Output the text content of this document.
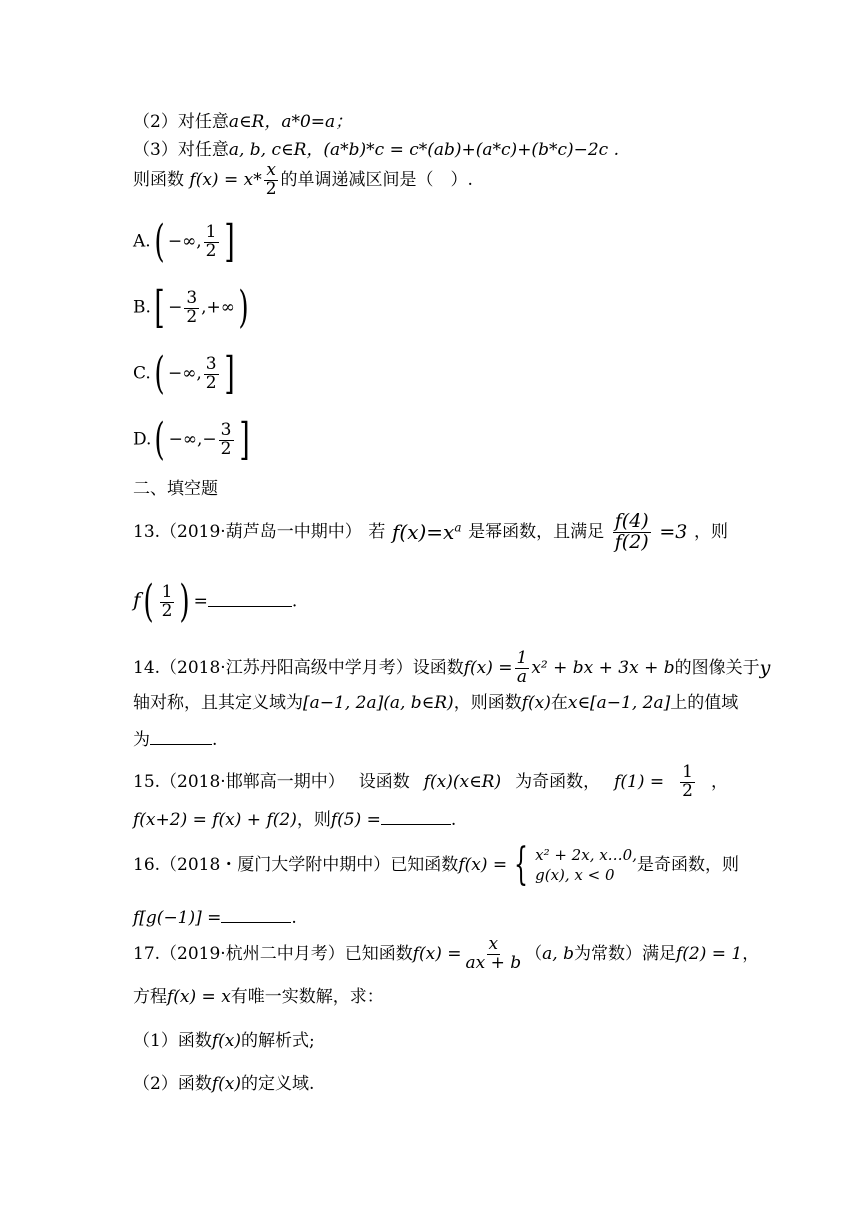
（2）对任意a∈R，a*0=a；
（3）对任意a, b, c∈R，(a*b)*c = c*(ab)+(a*c)+(b*c)−2c .
则函数 $f(x) = x* \frac{x}{2}$ 的单调递减区间是（　）.
A.( −∞, $\frac{1}{2}$ ]
$B.[ - \frac{3}{2}$ ,+∞)
C.( −∞, $\frac{3}{2}$ ]
D.( −∞,− $\frac{3}{2}$ ]
二、填空题
13.（2019·葫芦岛一中期中） 若 $f(x)=x^a$ 是幂函数，且满足 $\frac{f(4)}{f(2)} =3$ ，则
$f( \frac{1}{2}$ ) =	.
14.（2018·江苏丹阳高级中学月考） 设函数 $f(x) = \frac{1}{a} x^2$ + bx + 3x + b 的图像关于 y
轴对称，且其定义域为[a−1, 2a](a, b∈R)，则函数f(x)在x∈[a−1, 2a]上的值域
为	.
15.（2018·邯郸高一期中） 设函数 f(x)(x∈R) 为奇函数， $f(1) = \frac{1}{2}$ ，
f(x+2) = f(x) + f(2)，则f(5) =	.
16.（2018・厦门大学附中期中） 已知函数 f(x) = { x² + 2x, x…0,
g(x), x < 0
是奇函数，则
f[g(−1)] =	.
17.（2019·杭州二中月考） 已知函数 $f(x) = \frac{x}{ax + b} (a$, b为常数）满足 f(2) = 1 ，
方程f(x) = x有唯一实数解，求：
（1）函数f(x)的解析式;
（2）函数f(x)的定义域.
